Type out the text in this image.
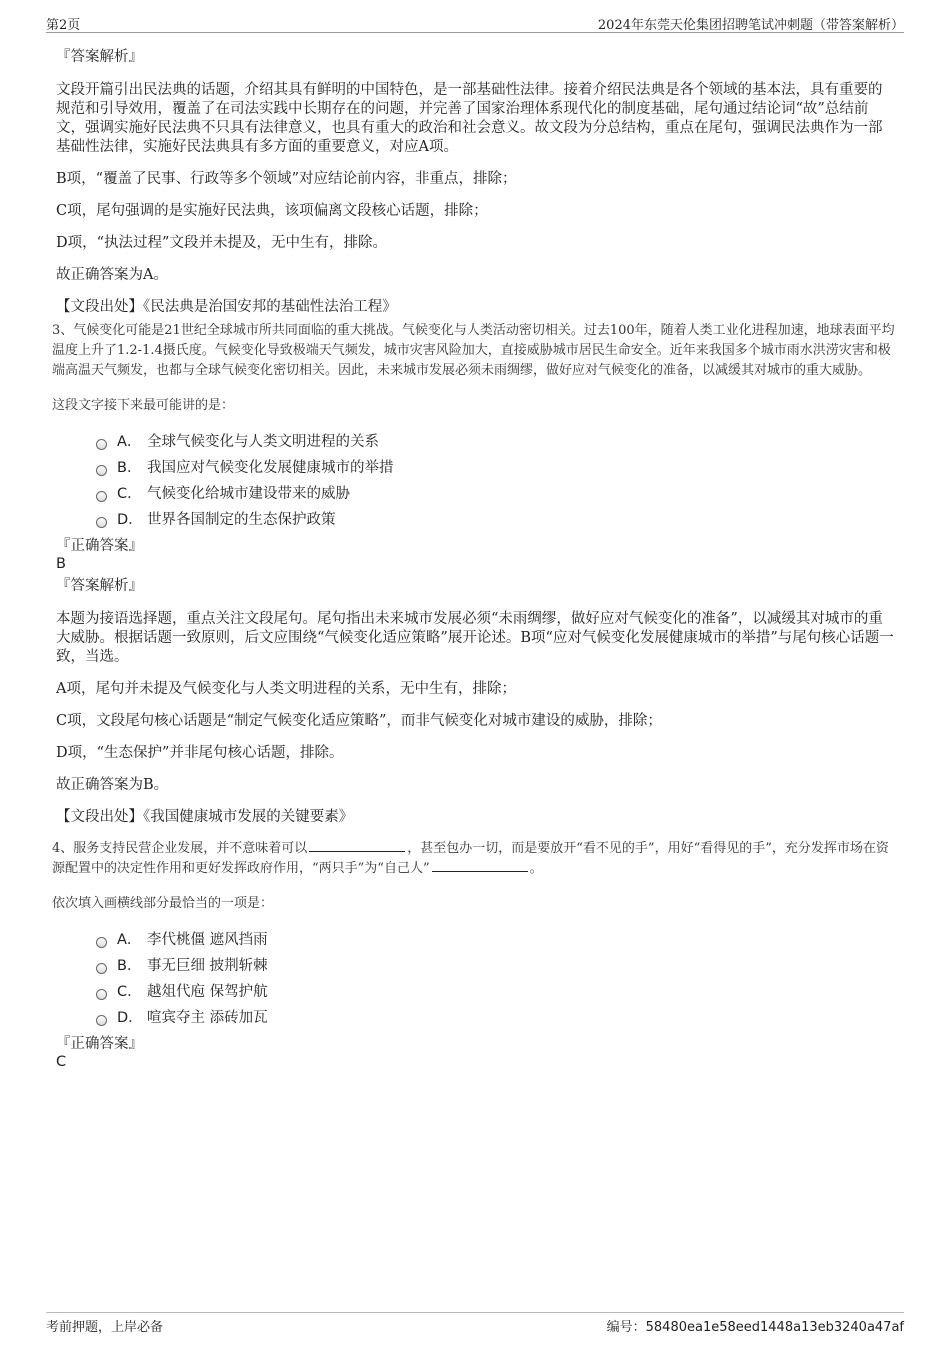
第2页	2024年东莞天伦集团招聘笔试冲刺题（带答案解析）
『答案解析』

文段开篇引出民法典的话题，介绍其具有鲜明的中国特色，是一部基础性法律。接着介绍民法典是各个领域的基本法，具有重要的规范和引导效用，覆盖了在司法实践中长期存在的问题，并完善了国家治理体系现代化的制度基础，尾句通过结论词“故”总结前文，强调实施好民法典不只具有法律意义，也具有重大的政治和社会意义。故文段为分总结构，重点在尾句，强调民法典作为一部基础性法律，实施好民法典具有多方面的重要意义，对应A项。

B项，“覆盖了民事、行政等多个领域”对应结论前内容，非重点，排除；

C项，尾句强调的是实施好民法典，该项偏离文段核心话题，排除；

D项，“执法过程”文段并未提及，无中生有，排除。

故正确答案为A。

【文段出处】《民法典是治国安邦的基础性法治工程》

3、气候变化可能是21世纪全球城市所共同面临的重大挑战。气候变化与人类活动密切相关。过去100年，随着人类工业化进程加速，地球表面平均温度上升了1.2-1.4摄氏度。气候变化导致极端天气频发，城市灾害风险加大，直接威胁城市居民生命安全。近年来我国多个城市雨水洪涝灾害和极端高温天气频发，也都与全球气候变化密切相关。因此，未来城市发展必须未雨绸缪，做好应对气候变化的准备，以减缓其对城市的重大威胁。

这段文字接下来最可能讲的是：
A． 全球气候变化与人类文明进程的关系
B． 我国应对气候变化发展健康城市的举措
C． 气候变化给城市建设带来的威胁
D． 世界各国制定的生态保护政策
『正确答案』
B
『答案解析』

本题为接语选择题，重点关注文段尾句。尾句指出未来城市发展必须“未雨绸缪，做好应对气候变化的准备”，以减缓其对城市的重大威胁。根据话题一致原则，后文应围绕“气候变化适应策略”展开论述。B项“应对气候变化发展健康城市的举措”与尾句核心话题一致，当选。

A项，尾句并未提及气候变化与人类文明进程的关系，无中生有，排除；

C项，文段尾句核心话题是“制定气候变化适应策略”，而非气候变化对城市建设的威胁，排除；

D项，“生态保护”并非尾句核心话题，排除。

故正确答案为B。

【文段出处】《我国健康城市发展的关键要素》

4、服务支持民营企业发展，并不意味着可以	，甚至包办一切，而是要放开“看不见的手”，用好“看得见的手”，充分发挥市场在资源配置中的决定性作用和更好发挥政府作用，“两只手”为“自己人”	。

依次填入画横线部分最恰当的一项是：
A． 李代桃僵 遮风挡雨
B． 事无巨细 披荆斩棘
C． 越俎代庖 保驾护航
D． 喧宾夺主 添砖加瓦
『正确答案』
C
考前押题，上岸必备	编号：58480ea1e58eed1448a13eb3240a47af
